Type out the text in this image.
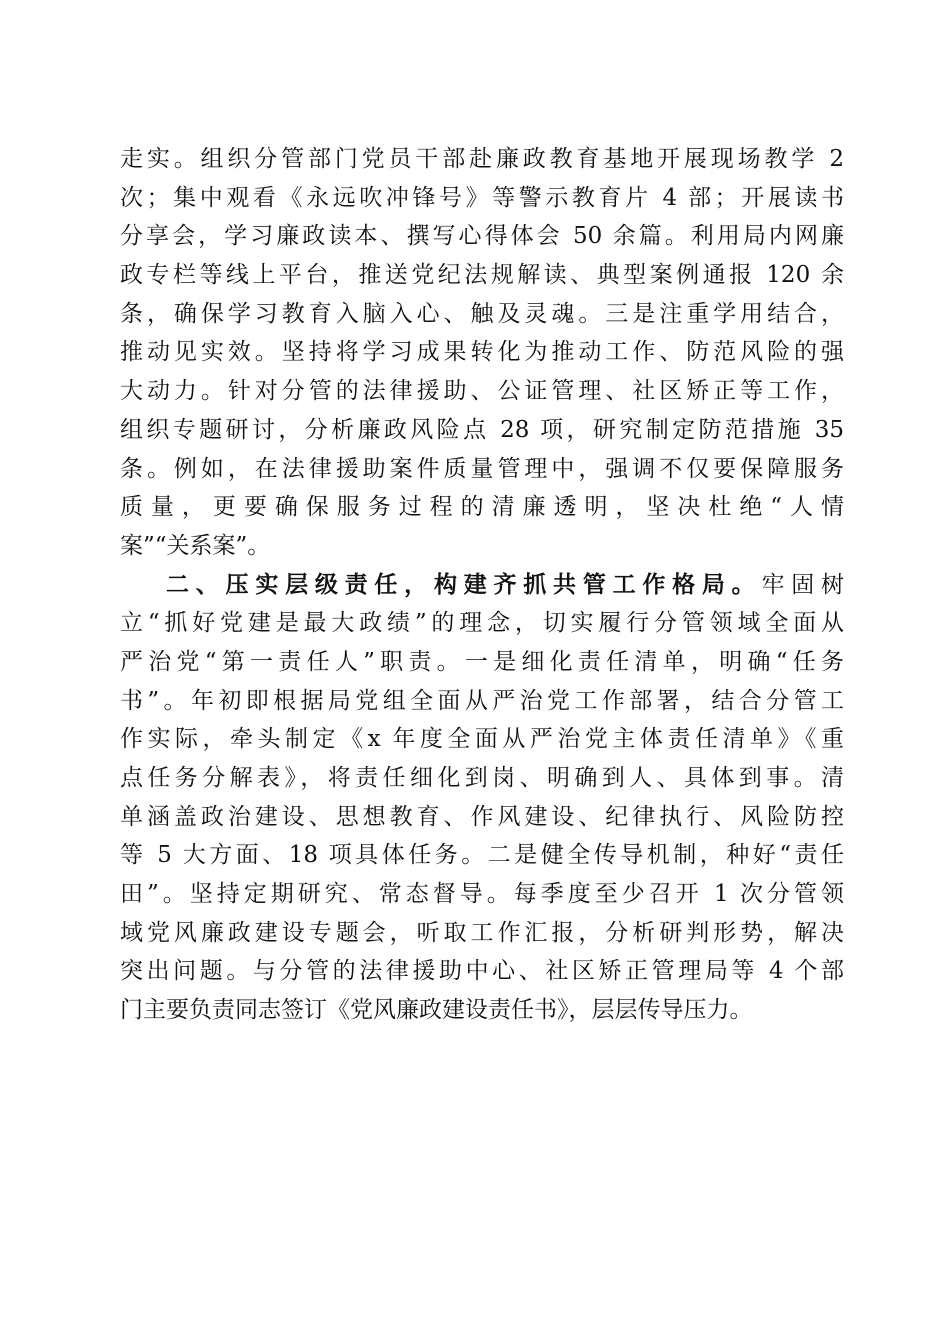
走实。组织分管部门党员干部赴廉政教育基地开展现场教学 2
次；集中观看《永远吹冲锋号》等警示教育片 4 部；开展读书
分享会，学习廉政读本、撰写心得体会 50 余篇。利用局内网廉
政专栏等线上平台，推送党纪法规解读、典型案例通报 120 余
条，确保学习教育入脑入心、触及灵魂。三是注重学用结合，
推动见实效。坚持将学习成果转化为推动工作、防范风险的强
大动力。针对分管的法律援助、公证管理、社区矫正等工作，
组织专题研讨，分析廉政风险点 28 项，研究制定防范措施 35
条。例如，在法律援助案件质量管理中，强调不仅要保障服务
质量，更要确保服务过程的清廉透明，坚决杜绝“人情
案”“关系案”。
二、压实层级责任，构建齐抓共管工作格局。牢固树
立“抓好党建是最大政绩”的理念，切实履行分管领域全面从
严治党“第一责任人”职责。一是细化责任清单，明确“任务
书”。年初即根据局党组全面从严治党工作部署，结合分管工
作实际，牵头制定《x 年度全面从严治党主体责任清单》《重
点任务分解表》，将责任细化到岗、明确到人、具体到事。清
单涵盖政治建设、思想教育、作风建设、纪律执行、风险防控
等 5 大方面、18 项具体任务。二是健全传导机制，种好“责任
田”。坚持定期研究、常态督导。每季度至少召开 1 次分管领
域党风廉政建设专题会，听取工作汇报，分析研判形势，解决
突出问题。与分管的法律援助中心、社区矫正管理局等 4 个部
门主要负责同志签订《党风廉政建设责任书》，层层传导压力。
